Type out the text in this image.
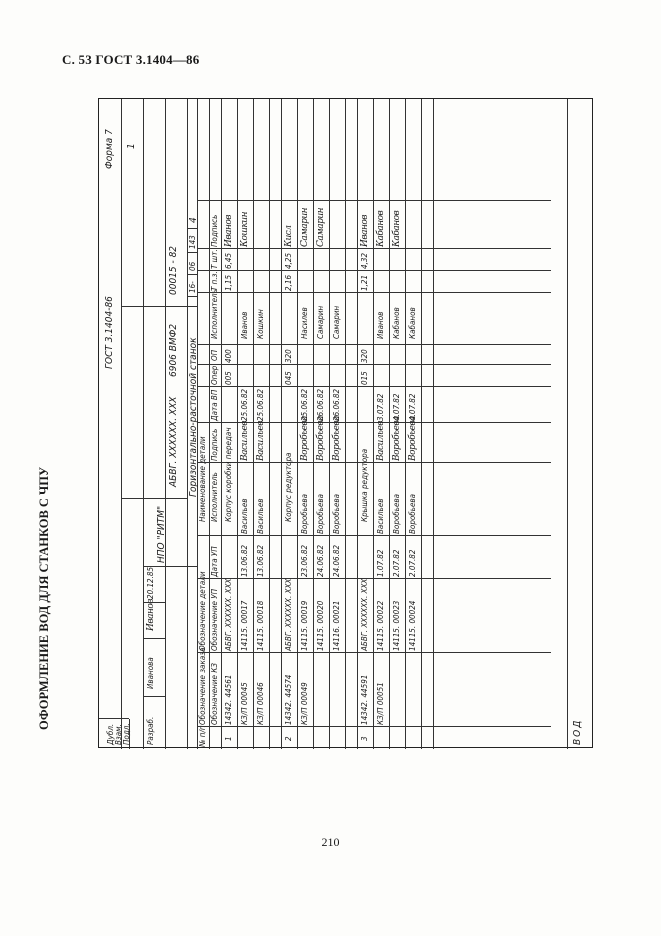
С. 53 ГОСТ 3.1404—86
ОФОРМЛЕНИЕ ВОД ДЛЯ СТАНКОВ С ЧПУ
Дубл. Взам. Подл. Разраб.
Иванова
Иванов
20.12.85
НПО "РИТМ"
АБВГ. XXXXXX. XXX
6906 ВМФ2
00015 - 82
Горизонтально-расточной станок
ГОСТ 3.1404-86
Форма 7 1
16-
06
143
4
№ п/п
Обозначение заказа Обозначение КЗ
Обозначение детали Обозначение УП
Дата УП
Наименование детали Исполнитель
Подпись
Дата ВП
Опер
ОП
Исполнитель
Т п.з.
Т шт.
Подпись
1
14342. 44561
АБВГ. XXXXXX. XXX
Корпус коробки передач
005
400
1,15
6,45
Иванов
Иванов
КЗ/П 00045
14115. 00017
13.06.82
Васильев
Васильев
25.06.82
Кошкин
Кошкин
КЗ/П 00046
14115. 00018
13.06.82
Васильев
Васильев
25.06.82
2
14342. 44574
АБВГ. XXXXXX. XXX
Корпус редуктора
045
320
2,16
4,25
Кисл
Насилев
КЗ/П 00049
14115. 00019
23.06.82
Воробьева
Воробьева
25.06.82
Самарин
Самарин
14115. 00020
24.06.82
Воробьева
Воробьева
26.06.82
Самарин
Самарин
14116. 00021
24.06.82
Воробьева
Воробьева
26.06.82
3
14342. 44591
АБВГ. XXXXXX. XXX
Крышка редуктора
015
320
1,21
4,32
Иванов
Иванов
КЗ/П 00051
14115. 00022
1.07.82
Васильев
Васильев
3.07.82
Кабанов
Кабанов
14115. 00023
2.07.82
Воробьева
Воробьева
4.07.82
Кабанов
Кабанов
14115. 00024
2.07.82
Воробьева
Воробьева
4.07.82
ВОД
210
